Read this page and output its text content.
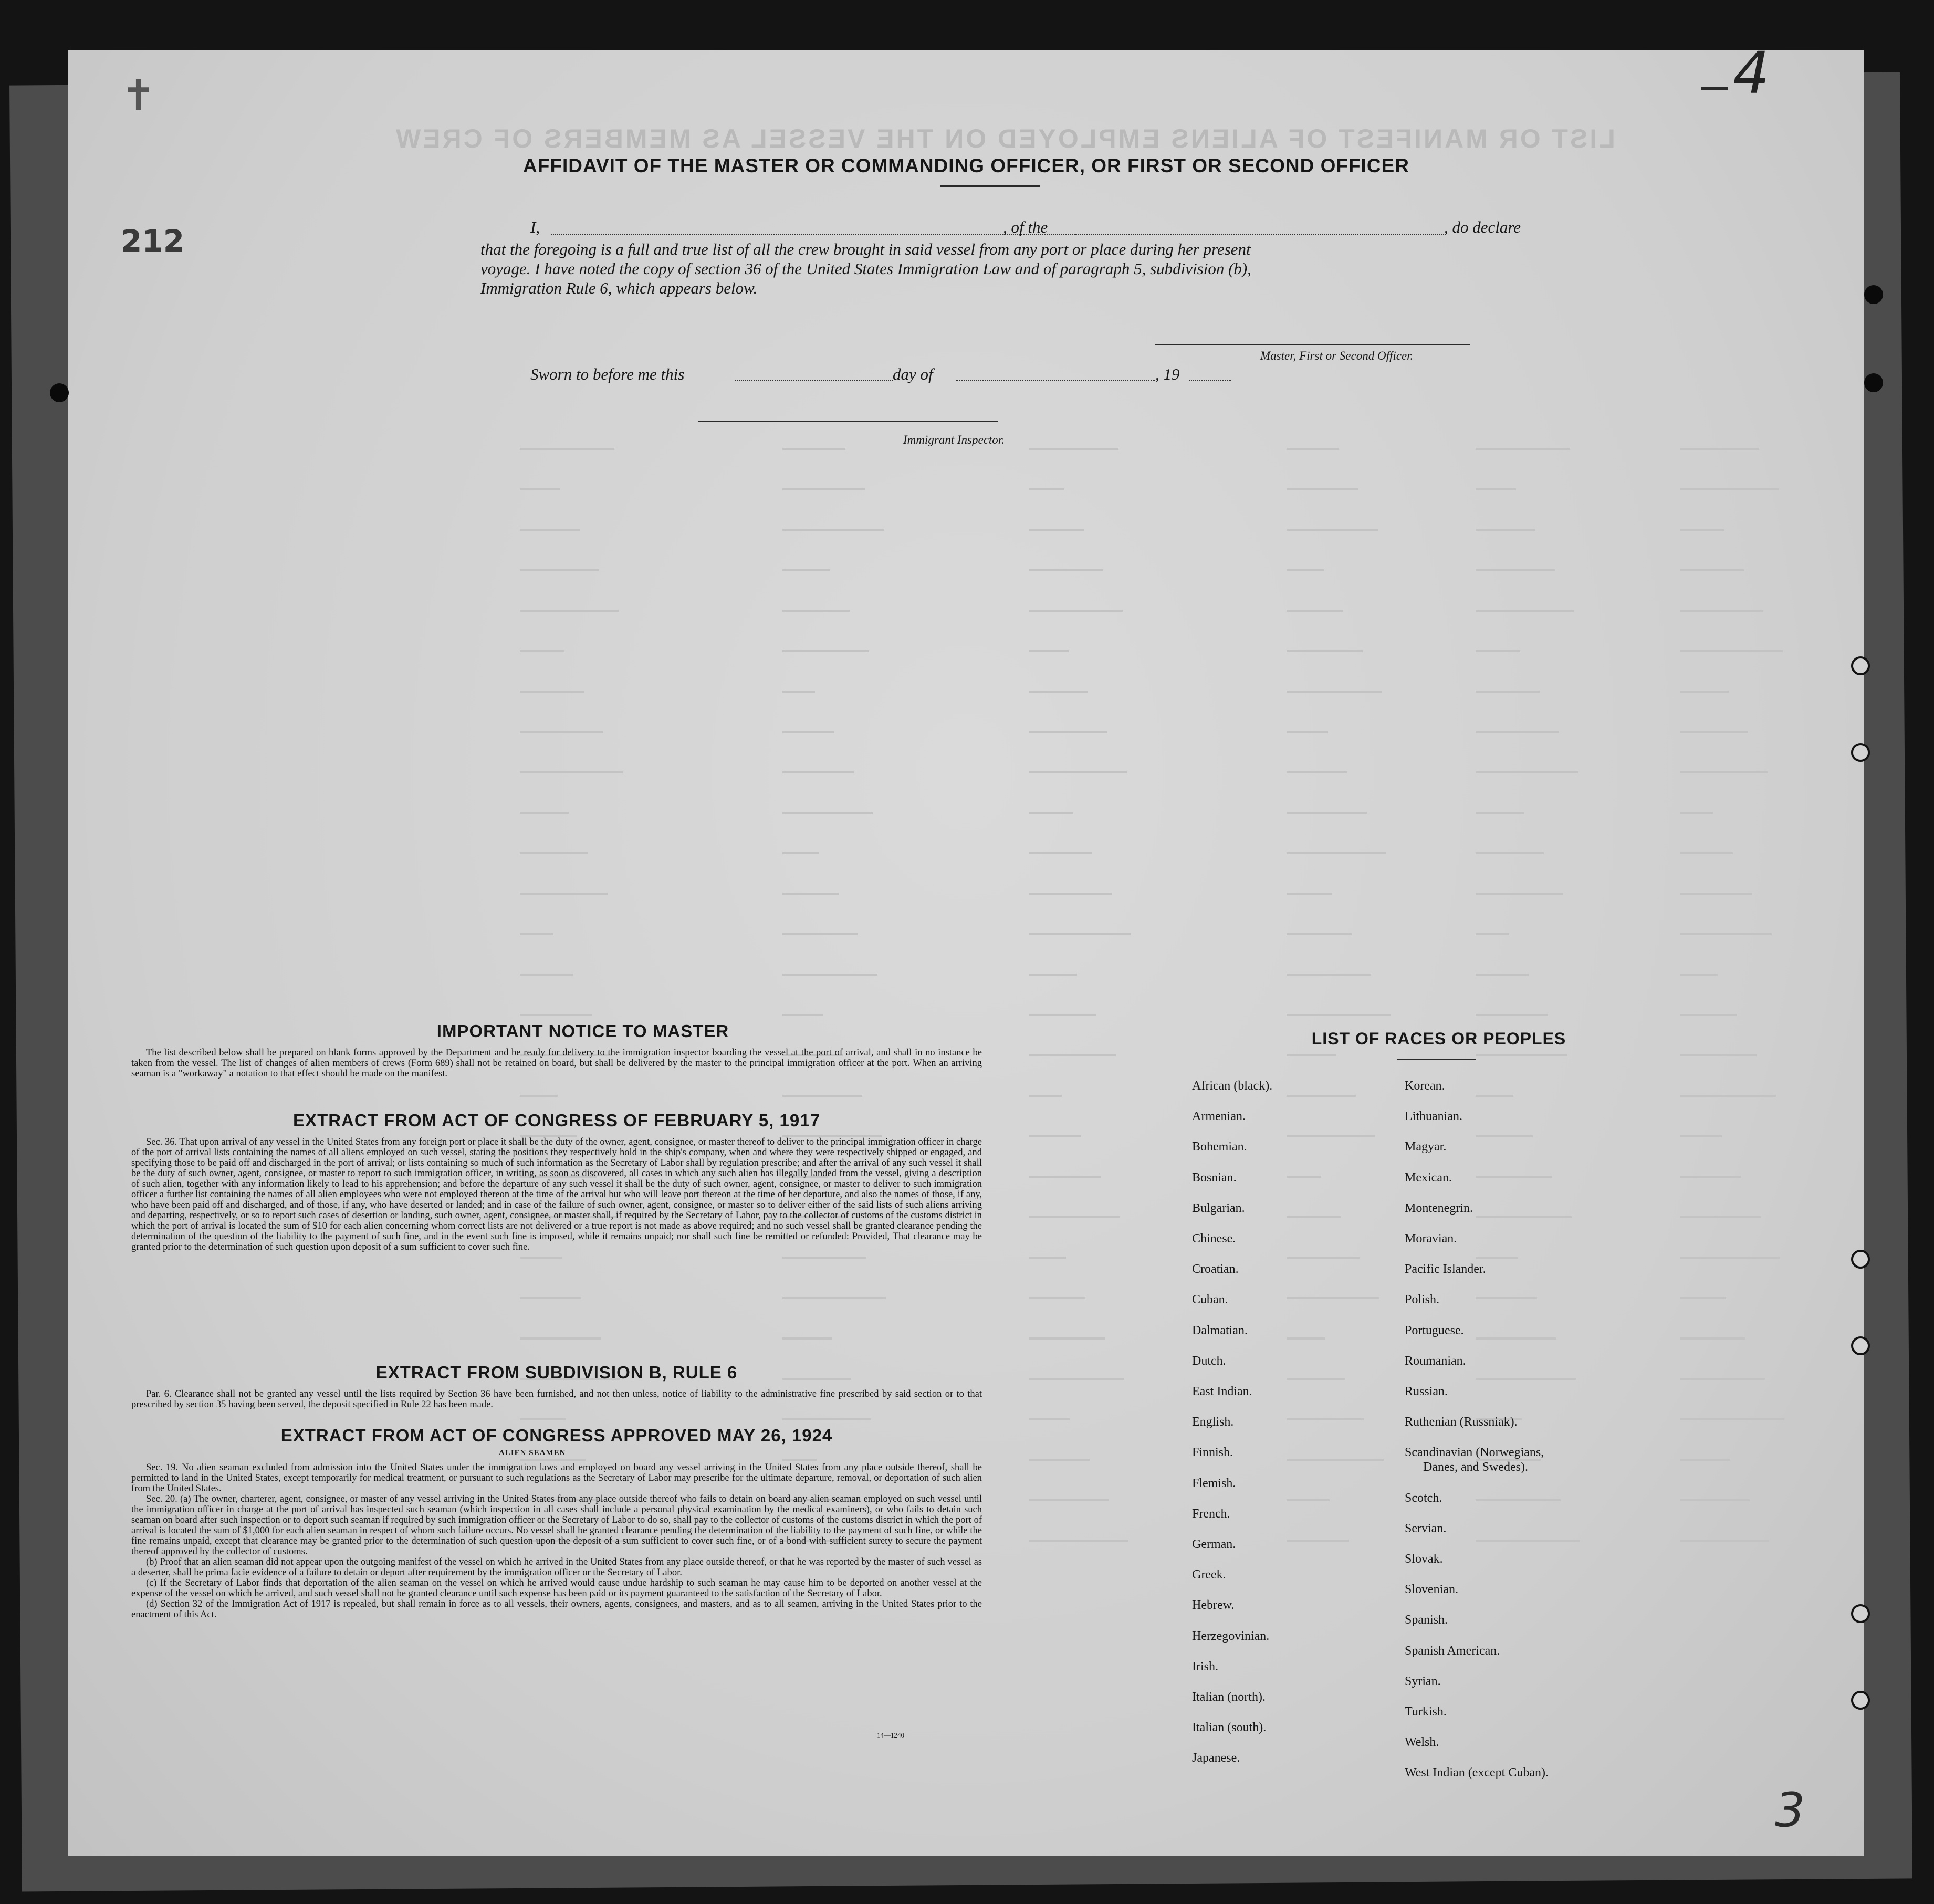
LIST OR MANIFEST OF ALIENS EMPLOYED ON THE VESSEL AS MEMBERS OF CREW
4
212
✝
3
AFFIDAVIT OF THE MASTER OR COMMANDING OFFICER, OR FIRST OR SECOND OFFICER
I,	, of the	, do declare
that the foregoing is a full and true list of all the crew brought in said vessel from any port or place during her present
voyage. I have noted the copy of section 36 of the United States Immigration Law and of paragraph 5, subdivision (b),
Immigration Rule 6, which appears below.
Master, First or Second Officer.
Sworn to before me this	day of	, 19
Immigrant Inspector.
IMPORTANT NOTICE TO MASTER

The list described below shall be prepared on blank forms approved by the Department and be ready for delivery to the immigration inspector boarding the vessel at the port of arrival, and shall in no instance be taken from the vessel. The list of changes of alien members of crews (Form 689) shall not be retained on board, but shall be delivered by the master to the principal immigration officer at the port. When an arriving seaman is a "workaway" a notation to that effect should be made on the manifest.

EXTRACT FROM ACT OF CONGRESS OF FEBRUARY 5, 1917

Sec. 36. That upon arrival of any vessel in the United States from any foreign port or place it shall be the duty of the owner, agent, consignee, or master thereof to deliver to the principal immigration officer in charge of the port of arrival lists containing the names of all aliens employed on such vessel, stating the positions they respectively hold in the ship's company, when and where they were respectively shipped or engaged, and specifying those to be paid off and discharged in the port of arrival; or lists containing so much of such information as the Secretary of Labor shall by regulation prescribe; and after the arrival of any such vessel it shall be the duty of such owner, agent, consignee, or master to report to such immigration officer, in writing, as soon as discovered, all cases in which any such alien has illegally landed from the vessel, giving a description of such alien, together with any information likely to lead to his apprehension; and before the departure of any such vessel it shall be the duty of such owner, agent, consignee, or master to deliver to such immigration officer a further list containing the names of all alien employees who were not employed thereon at the time of the arrival but who will leave port thereon at the time of her departure, and also the names of those, if any, who have been paid off and discharged, and of those, if any, who have deserted or landed; and in case of the failure of such owner, agent, consignee, or master so to deliver either of the said lists of such aliens arriving and departing, respectively, or so to report such cases of desertion or landing, such owner, agent, consignee, or master shall, if required by the Secretary of Labor, pay to the collector of customs of the customs district in which the port of arrival is located the sum of $10 for each alien concerning whom correct lists are not delivered or a true report is not made as above required; and no such vessel shall be granted clearance pending the determination of the question of the liability to the payment of such fine, and in the event such fine is imposed, while it remains unpaid; nor shall such fine be remitted or refunded: Provided, That clearance may be granted prior to the determination of such question upon deposit of a sum sufficient to cover such fine.

EXTRACT FROM SUBDIVISION B, RULE 6

Par. 6. Clearance shall not be granted any vessel until the lists required by Section 36 have been furnished, and not then unless, notice of liability to the administrative fine prescribed by said section or to that prescribed by section 35 having been served, the deposit specified in Rule 22 has been made.

EXTRACT FROM ACT OF CONGRESS APPROVED MAY 26, 1924
ALIEN SEAMEN

Sec. 19. No alien seaman excluded from admission into the United States under the immigration laws and employed on board any vessel arriving in the United States from any place outside thereof, shall be permitted to land in the United States, except temporarily for medical treatment, or pursuant to such regulations as the Secretary of Labor may prescribe for the ultimate departure, removal, or deportation of such alien from the United States.

Sec. 20. (a) The owner, charterer, agent, consignee, or master of any vessel arriving in the United States from any place outside thereof who fails to detain on board any alien seaman employed on such vessel until the immigration officer in charge at the port of arrival has inspected such seaman (which inspection in all cases shall include a personal physical examination by the medical examiners), or who fails to detain such seaman on board after such inspection or to deport such seaman if required by such immigration officer or the Secretary of Labor to do so, shall pay to the collector of customs of the customs district in which the port of arrival is located the sum of $1,000 for each alien seaman in respect of whom such failure occurs. No vessel shall be granted clearance pending the determination of the liability to the payment of such fine, or while the fine remains unpaid, except that clearance may be granted prior to the determination of such question upon the deposit of a sum sufficient to cover such fine, or of a bond with sufficient surety to secure the payment thereof approved by the collector of customs.

(b) Proof that an alien seaman did not appear upon the outgoing manifest of the vessel on which he arrived in the United States from any place outside thereof, or that he was reported by the master of such vessel as a deserter, shall be prima facie evidence of a failure to detain or deport after requirement by the immigration officer or the Secretary of Labor.

(c) If the Secretary of Labor finds that deportation of the alien seaman on the vessel on which he arrived would cause undue hardship to such seaman he may cause him to be deported on another vessel at the expense of the vessel on which he arrived, and such vessel shall not be granted clearance until such expense has been paid or its payment guaranteed to the satisfaction of the Secretary of Labor.

(d) Section 32 of the Immigration Act of 1917 is repealed, but shall remain in force as to all vessels, their owners, agents, consignees, and masters, and as to all seamen, arriving in the United States prior to the enactment of this Act.

14—1240
LIST OF RACES OR PEOPLES
African (black).
Armenian.
Bohemian.
Bosnian.
Bulgarian.
Chinese.
Croatian.
Cuban.
Dalmatian.
Dutch.
East Indian.
English.
Finnish.
Flemish.
French.
German.
Greek.
Hebrew.
Herzegovinian.
Irish.
Italian (north).
Italian (south).
Japanese.
Korean.
Lithuanian.
Magyar.
Mexican.
Montenegrin.
Moravian.
Pacific Islander.
Polish.
Portuguese.
Roumanian.
Russian.
Ruthenian (Russniak).
Scandinavian (Norwegians,
Danes, and Swedes).
Scotch.
Servian.
Slovak.
Slovenian.
Spanish.
Spanish American.
Syrian.
Turkish.
Welsh.
West Indian (except Cuban).
